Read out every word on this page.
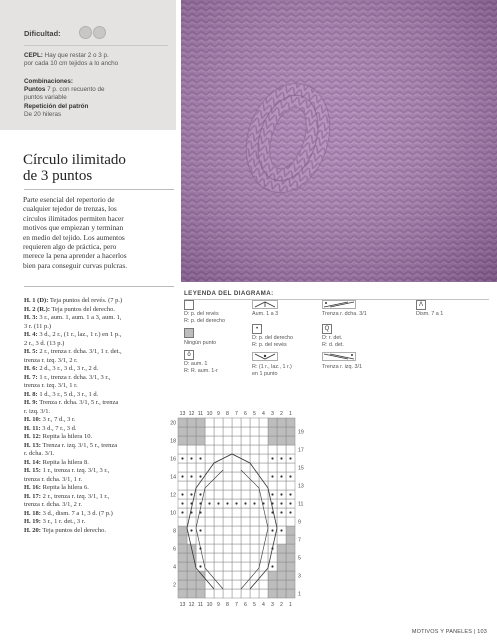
Dificultad:
CEPL: Hay que restar 2 o 3 p.
por cada 10 cm tejidos a lo ancho
Combinaciones:
Puntos 7 p. con recuento de
puntos variable
Repetición del patrón
De 20 hileras
Círculo ilimitado
de 3 puntos
Parte esencial del repertorio de
cualquier tejedor de trenzas, los
círculos ilimitados permiten hacer
motivos que empiezan y terminan
en medio del tejido. Los aumentos
requieren algo de práctica, pero
merece la pena aprender a hacerlos
bien para conseguir curvas pulcras.
H. 1 (D): Teja puntos del revés. (7 p.)
H. 2 (R.): Teja puntos del derecho.
H. 3: 3 r., aum. 1, aum. 1 a 3, aum. 1,
3 r. (11 p.)
H. 4: 3 d., 2 r., (1 r., laz., 1 r.) en 1 p.,
2 r., 3 d. (13 p.)
H. 5: 2 r., trenza r. dcha. 3/1, 1 r. det.,
trenza r. izq. 3/1, 2 r.
H. 6: 2 d., 3 r., 3 d., 3 r., 2 d.
H. 7: 1 r., trenza r. dcha. 3/1, 3 r.,
trenza r. izq. 3/1, 1 r.
H. 8: 1 d., 3 r., 5 d., 3 r., 1 d.
H. 9: Trenza r. dcha. 3/1, 5 r., trenza
r. izq. 3/1.
H. 10: 3 r., 7 d., 3 r.
H. 11: 3 d., 7 r., 3 d.
H. 12: Repita la hilera 10.
H. 13: Trenza r. izq. 3/1, 5 r., trenza
r. dcha. 3/1.
H. 14: Repita la hilera 8.
H. 15: 1 r., trenza r. izq. 3/1, 3 r.,
trenza r. dcha. 3/1, 1 r.
H. 16: Repita la hilera 6.
H. 17: 2 r., trenza r. izq. 3/1, 1 r.,
trenza r. dcha. 3/1, 2 r.
H. 18: 3 d., dism. 7 a 1, 3 d. (7 p.)
H. 19: 3 r., 1 r. det., 3 r.
H. 20: Teja puntos del derecho.
LEYENDA DEL DIAGRAMA:
D: p. del revés
R: p. del derecho
Ningún punto
ô
D: aum. 1
R: R. aum. 1-r
Aum. 1 a 3
•
D: p. del derecho
R: p. del revés
R: (1 r., laz., 1 r.)
en 1 punto
Trenza r. dcha. 3/1
Q
D: r. det.
R: d. det.
Trenza r. izq. 3/1
Λ
Dism. 7 a 1
13
13
12
12
11
11
10
10
9
9
8
8
7
7
6
6
5
5
4
4
3
3
2
2
1
1
20
18
16
14
12
10
8
6
4
2
19
17
15
13
11
9
7
5
3
1
MOTIVOS Y PANELES | 103
